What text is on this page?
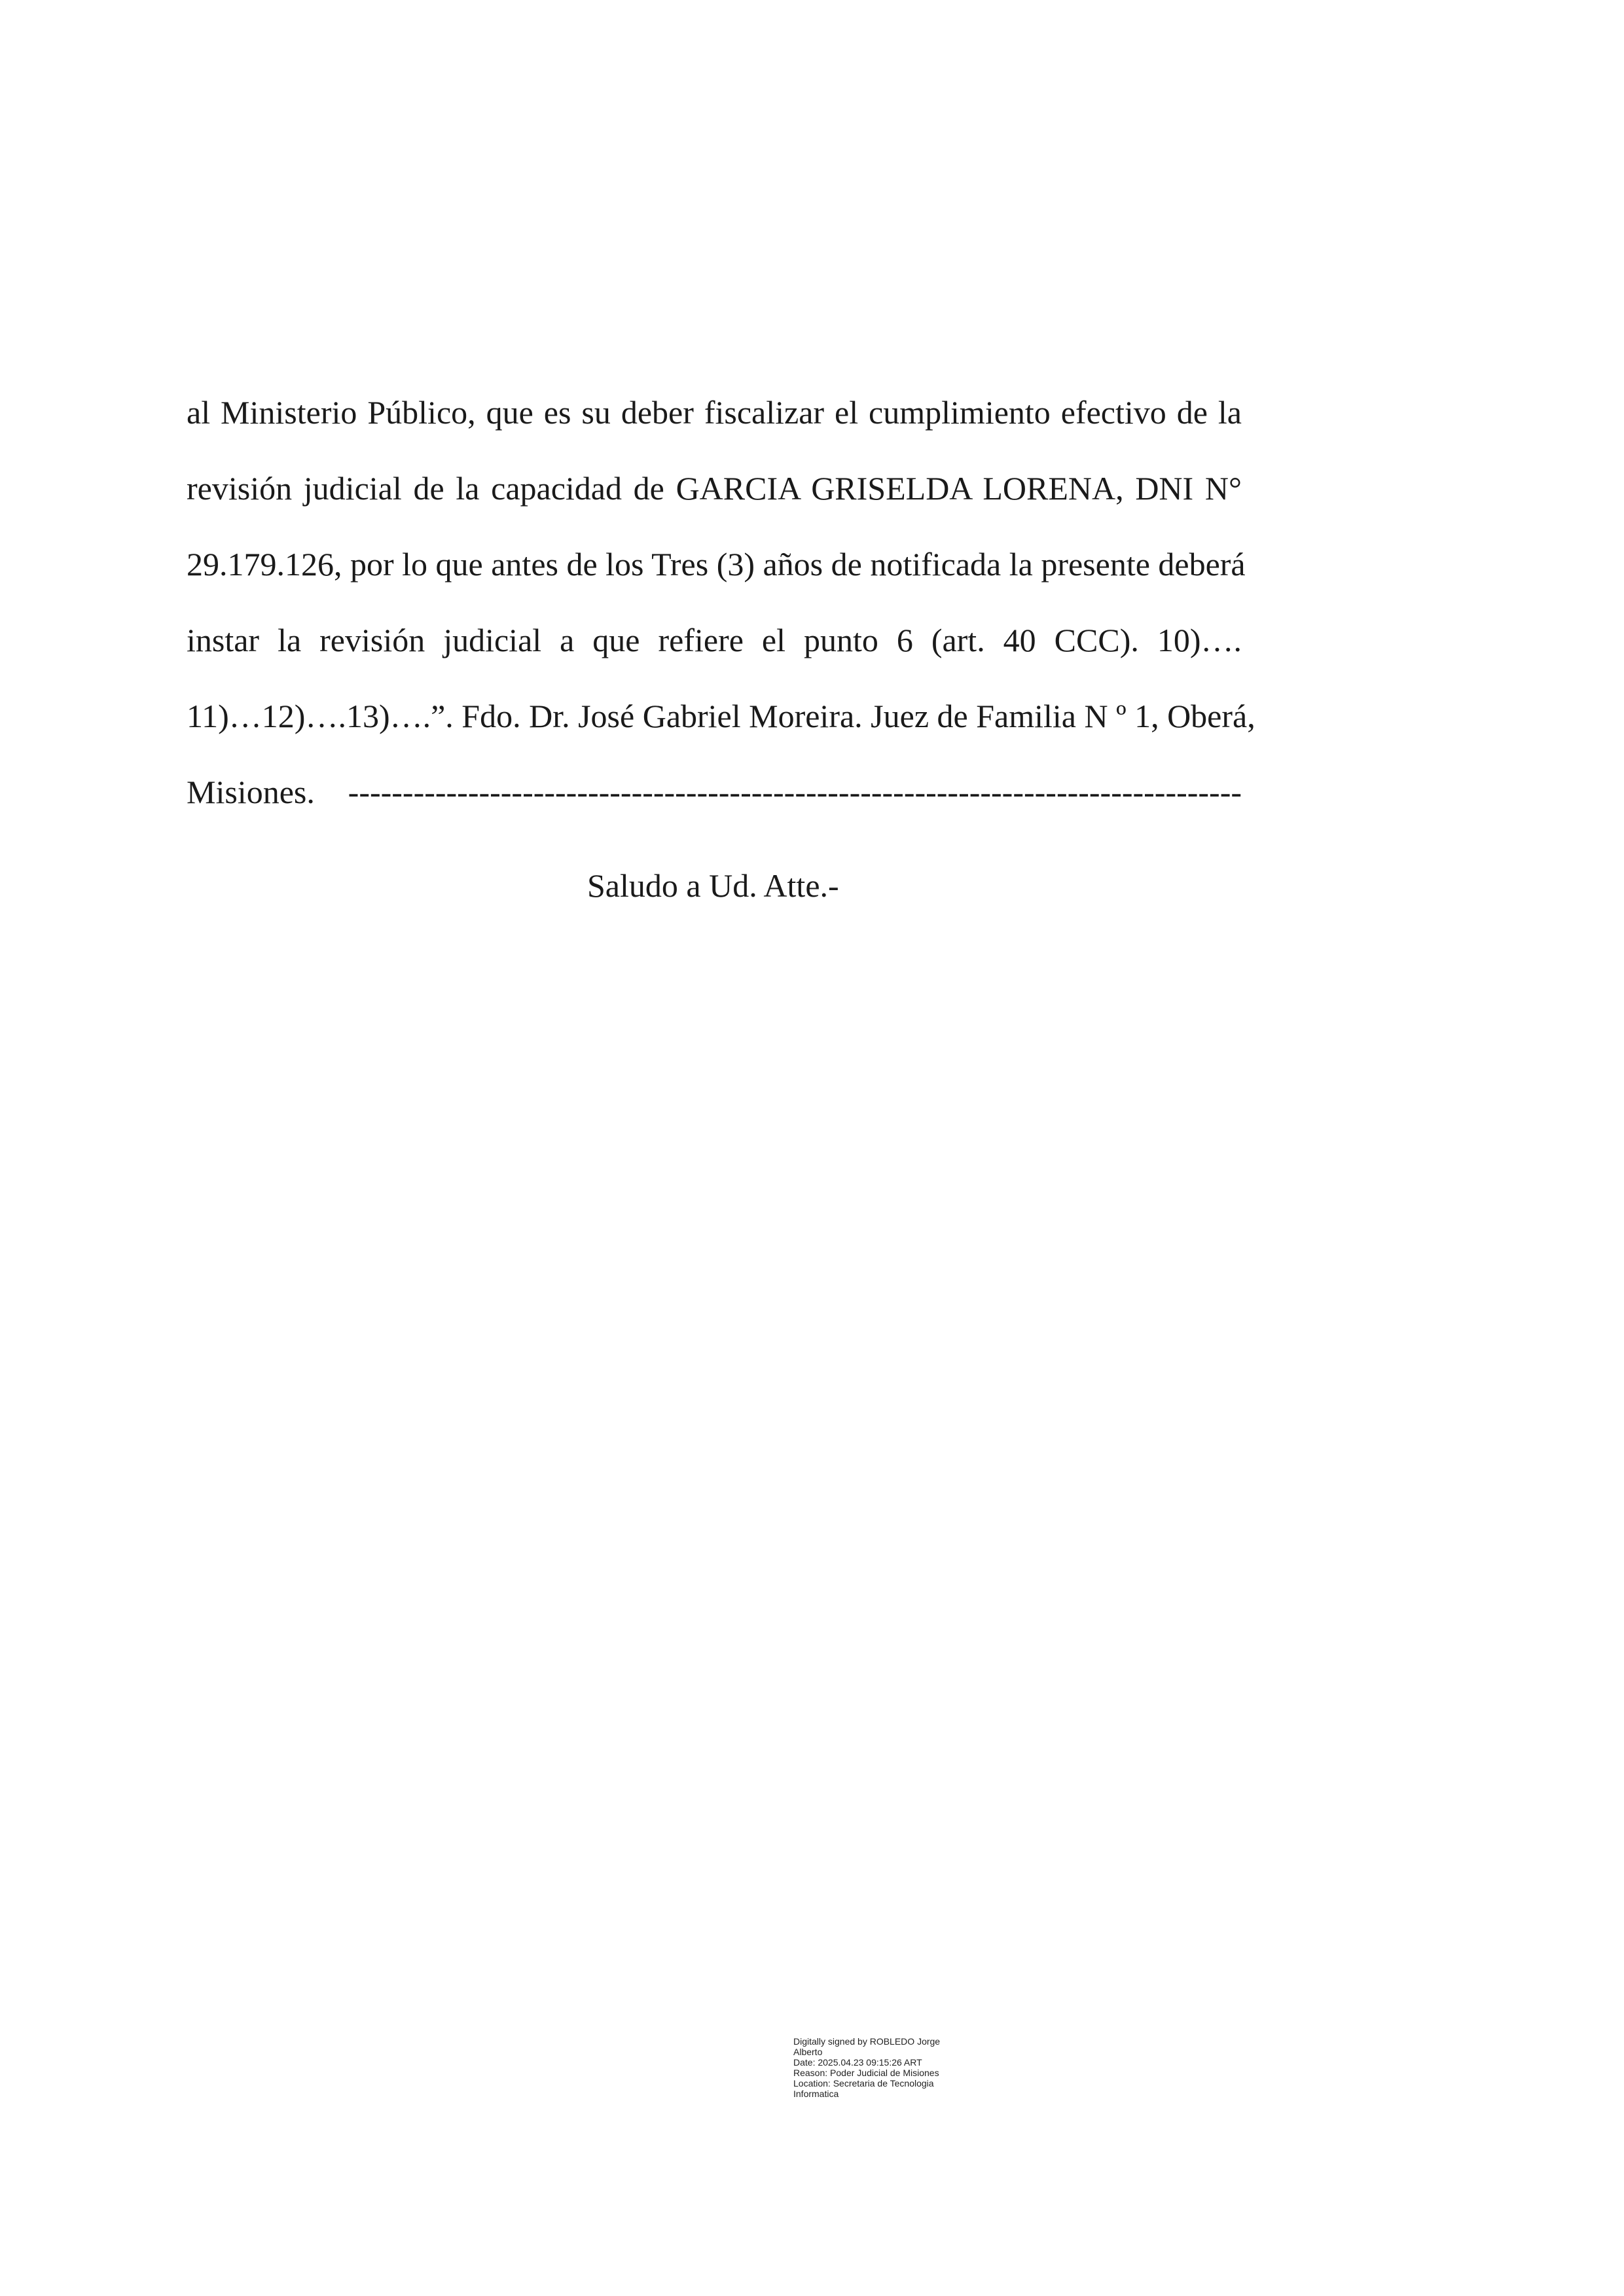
al Ministerio Público, que es su deber fiscalizar el cumplimiento efectivo de la
revisión judicial de la capacidad de GARCIA GRISELDA LORENA, DNI N°
29.179.126, por lo que antes de los Tres (3) años de notificada la presente deberá
instar la revisión judicial a que refiere el punto 6 (art. 40 CCC). 10)….
11)…12)….13)….”. Fdo. Dr. José Gabriel Moreira. Juez de Familia N º 1, Oberá,
Misiones. ----------------------------------------------------------------------------------

Saludo a Ud. Atte.-

Digitally signed by ROBLEDO Jorge
Alberto
Date: 2025.04.23 09:15:26 ART
Reason: Poder Judicial de Misiones
Location: Secretaria de Tecnologia
Informatica
